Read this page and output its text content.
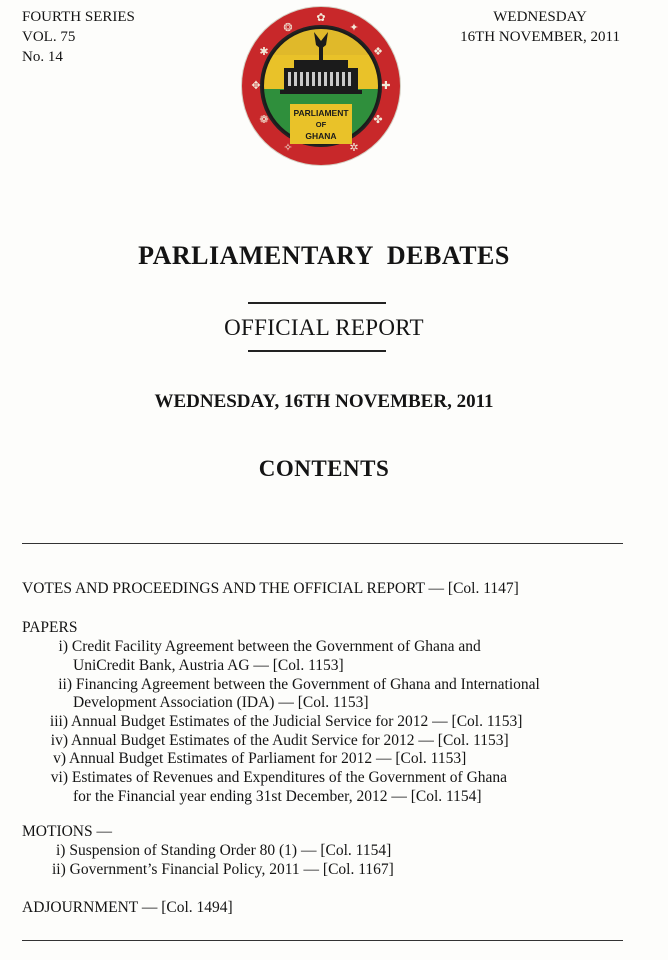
FOURTH SERIES
VOL. 75
No. 14
WEDNESDAY
16TH NOVEMBER, 2011
PARLIAMENT
OF
GHANA
✿
✦
❖
✚
✤
✲
✧
❁
✥
✱
❂
PARLIAMENTARY  DEBATES
OFFICIAL REPORT
WEDNESDAY, 16TH NOVEMBER, 2011
CONTENTS
VOTES AND PROCEEDINGS AND THE OFFICIAL REPORT — [Col. 1147]
PAPERS
i) Credit Facility Agreement between the Government of Ghana and
UniCredit Bank, Austria AG — [Col. 1153]
ii) Financing Agreement between the Government of Ghana and International
Development Association (IDA) — [Col. 1153]
iii) Annual Budget Estimates of the Judicial Service for 2012 — [Col. 1153]
iv) Annual Budget Estimates of the Audit Service for 2012 — [Col. 1153]
v) Annual Budget Estimates of Parliament for 2012 — [Col. 1153]
vi) Estimates of Revenues and Expenditures of the Government of Ghana
for the Financial year ending 31st December, 2012 — [Col. 1154]
MOTIONS —
i) Suspension of Standing Order 80 (1) — [Col. 1154]
ii) Government’s Financial Policy, 2011 — [Col. 1167]
ADJOURNMENT — [Col. 1494]
